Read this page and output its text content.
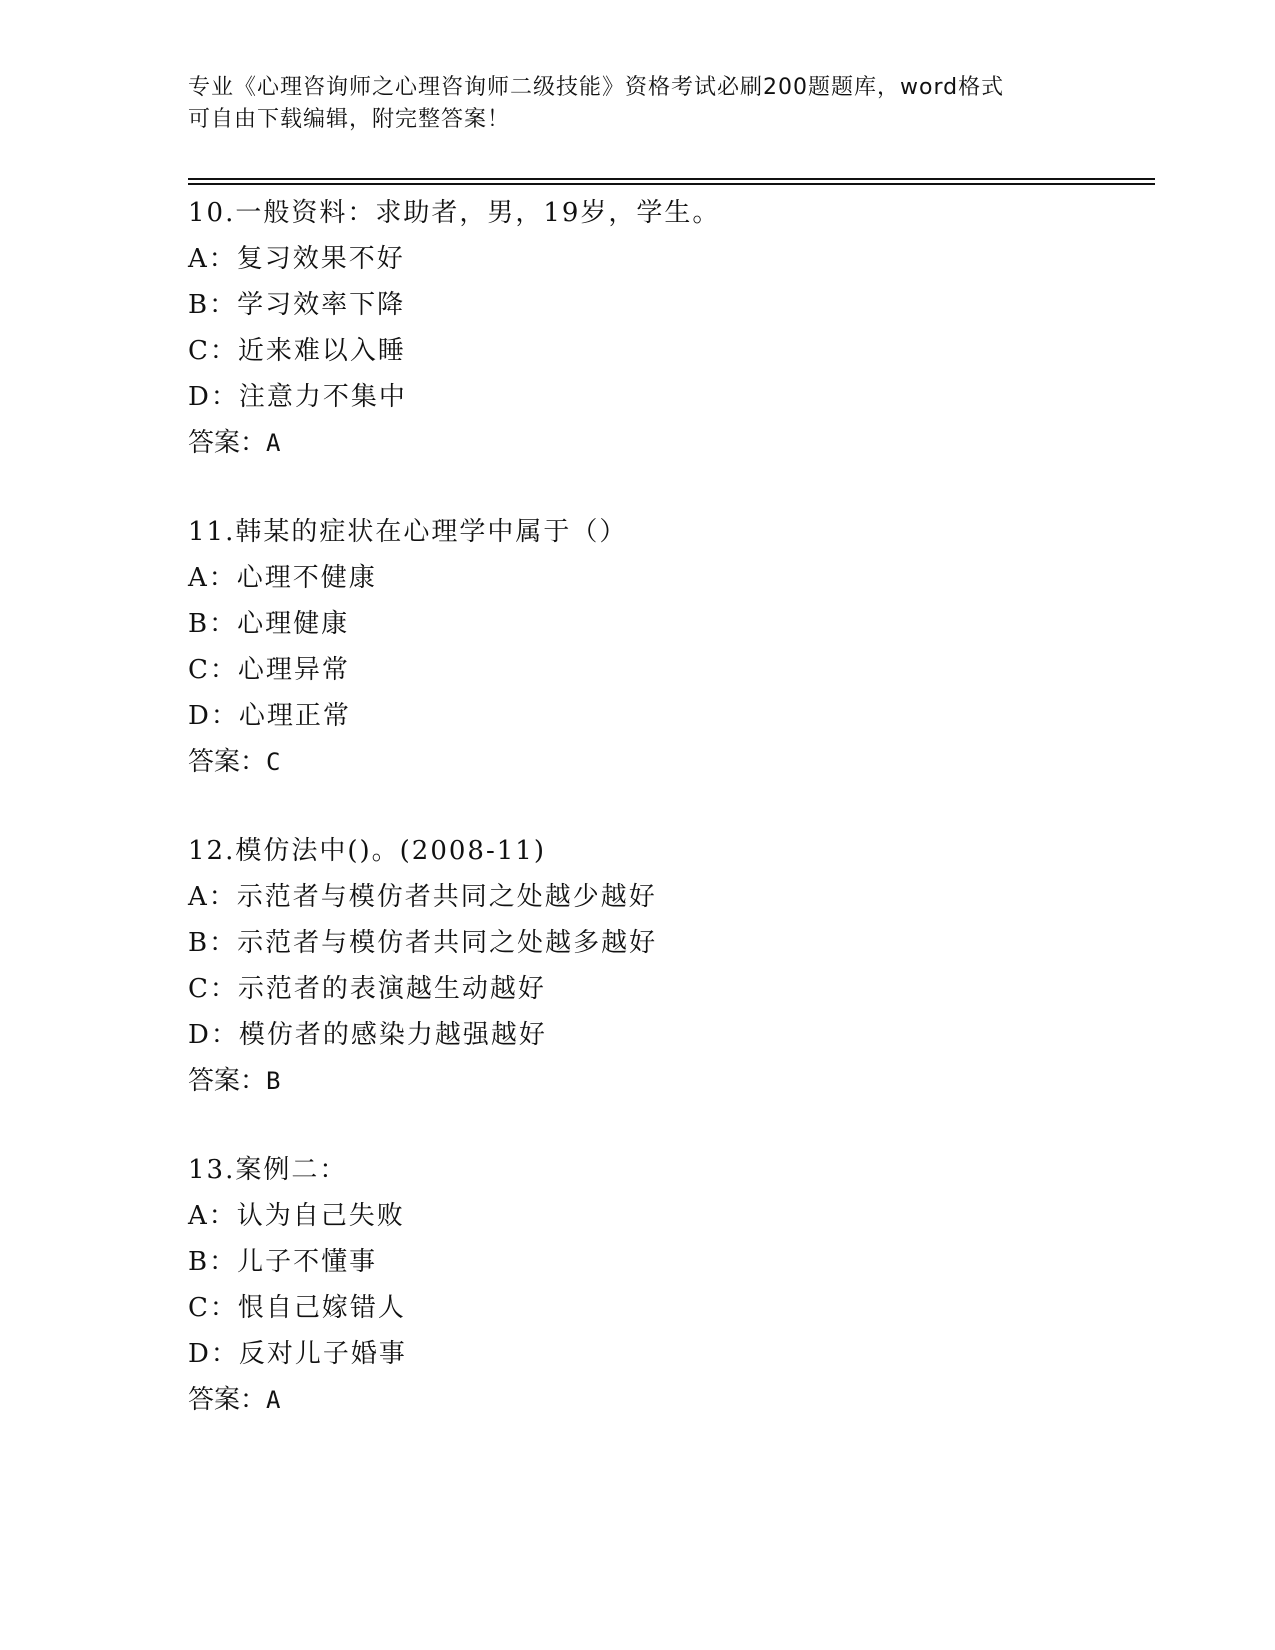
专业《心理咨询师之心理咨询师二级技能》资格考试必刷200题题库，word格式
可自由下载编辑，附完整答案！
10.一般资料：求助者，男，19岁，学生。
A：复习效果不好
B：学习效率下降
C：近来难以入睡
D：注意力不集中
答案：A
11.韩某的症状在心理学中属于（）
A：心理不健康
B：心理健康
C：心理异常
D：心理正常
答案：C
12.模仿法中()。(2008-11)
A：示范者与模仿者共同之处越少越好
B：示范者与模仿者共同之处越多越好
C：示范者的表演越生动越好
D：模仿者的感染力越强越好
答案：B
13.案例二：
A：认为自己失败
B：儿子不懂事
C：恨自己嫁错人
D：反对儿子婚事
答案：A
